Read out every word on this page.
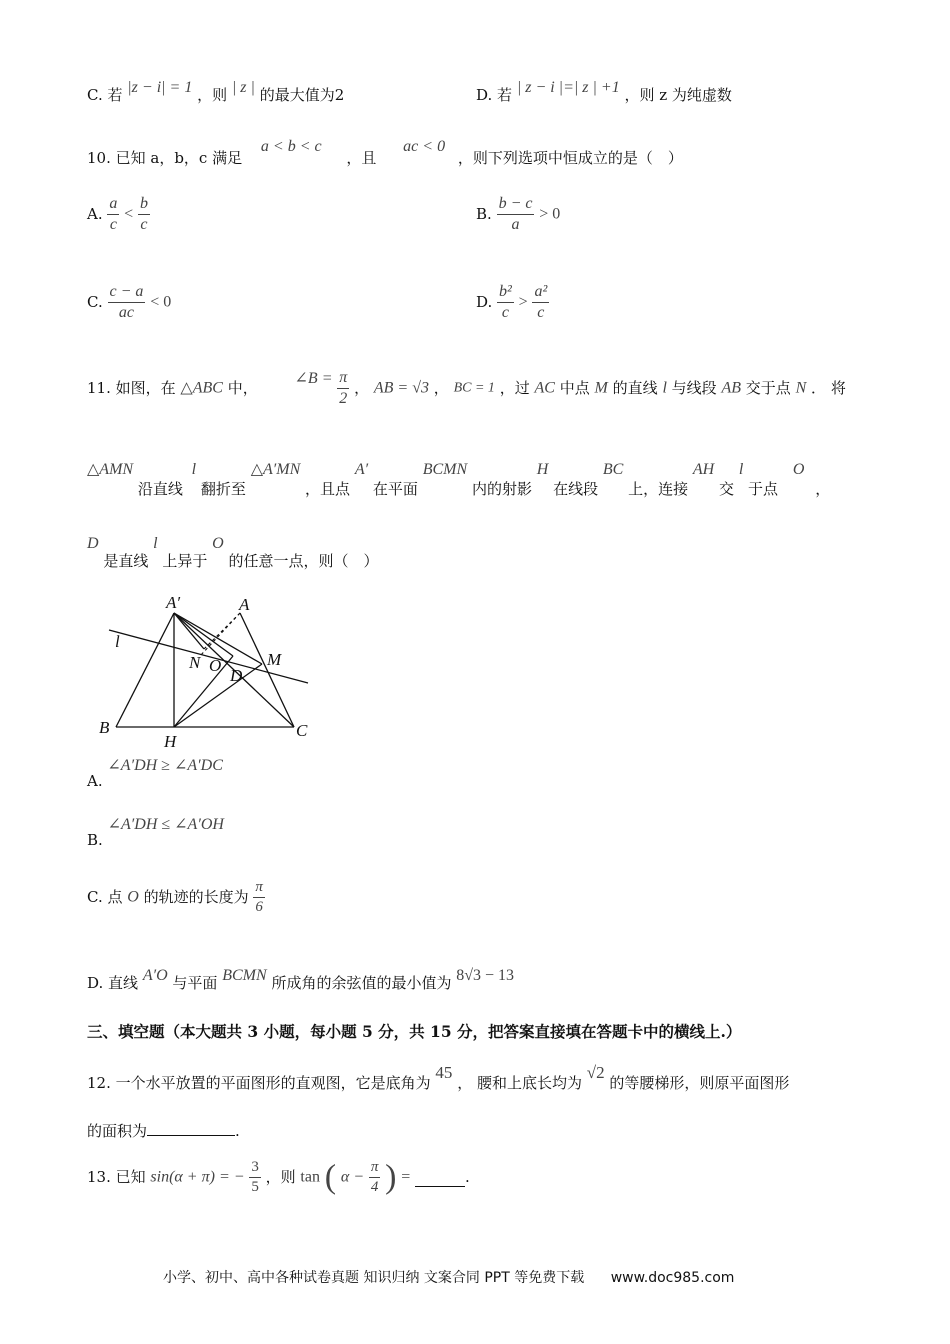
C. 若 |z − i| = 1 ，则 | z | 的最大值为2	D. 若 | z − i |=| z | +1 ，则 z 为纯虚数
10. 已知 a，b，c 满足 a < b < c ，且 ac < 0 ，则下列选项中恒成立的是（　）
A. $\frac{a}{c} < \frac{b}{c}$	B. $\frac{b - c}{a} > 0$
C. $\frac{c - a}{ac} < 0$	D. $\frac{\text{b²}}{c} > \frac{\text{a²}}{c}$
11. 如图，在 △ABC 中， ∠B = $\frac{\pi}{2}$ ， AB = √3 ， BC = 1 ，过 AC 中点 M 的直线 l 与线段 AB 交于点 N ． 将
△AMN 沿直线 l 翻折至 △A′MN ，且点 A′ 在平面 BCMN 内的射影 H 在线段 BC 上，连接 AH 交 l 于点 O ，
D 是直线 l 上异于 O 的任意一点，则（　）
A′	A
l
N O	M
D
B
H
C
A. ∠A′DH ≥ ∠A′DC
B. ∠A′DH ≤ ∠A′OH
C. 点 O 的轨迹的长度为 $\frac{\pi}{6}$
D. 直线 A′O 与平面 BCMN 所成角的余弦值的最小值为 8√3 − 13
三、填空题（本大题共 3 小题，每小题 5 分，共 15 分，把答案直接填在答题卡中的横线上.）
12. 一个水平放置的平面图形的直观图，它是底角为 45 ， 腰和上底长均为 √2 的等腰梯形，则原平面图形
的面积为	.
13. 已知 sin(α + π) = − $\frac{3}{5}$ ，则 tan ( $\alpha - \frac{\pi}{4}$ ) =	.
小学、初中、高中各种试卷真题 知识归纳 文案合同 PPT 等免费下载 www.doc985.com
